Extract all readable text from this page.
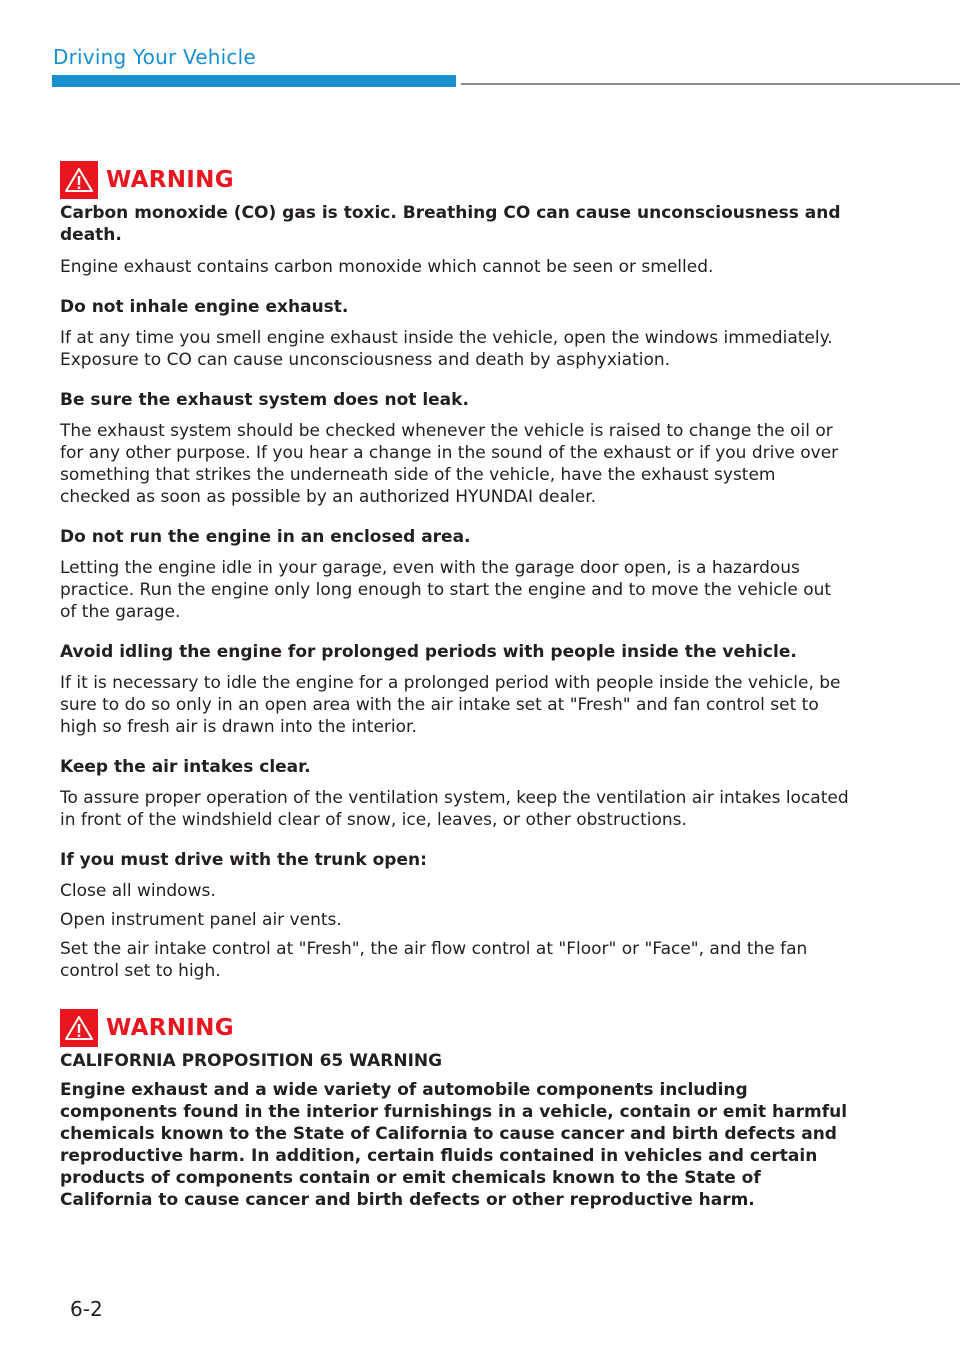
Driving Your Vehicle
WARNING

Carbon monoxide (CO) gas is toxic. Breathing CO can cause unconsciousness and death.

Engine exhaust contains carbon monoxide which cannot be seen or smelled.

Do not inhale engine exhaust.

If at any time you smell engine exhaust inside the vehicle, open the windows immediately. Exposure to CO can cause unconsciousness and death by asphyxiation.

Be sure the exhaust system does not leak.

The exhaust system should be checked whenever the vehicle is raised to change the oil or for any other purpose. If you hear a change in the sound of the exhaust or if you drive over something that strikes the underneath side of the vehicle, have the exhaust system checked as soon as possible by an authorized HYUNDAI dealer.

Do not run the engine in an enclosed area.

Letting the engine idle in your garage, even with the garage door open, is a hazardous practice. Run the engine only long enough to start the engine and to move the vehicle out of the garage.

Avoid idling the engine for prolonged periods with people inside the vehicle.

If it is necessary to idle the engine for a prolonged period with people inside the vehicle, be sure to do so only in an open area with the air intake set at "Fresh" and fan control set to high so fresh air is drawn into the interior.

Keep the air intakes clear.

To assure proper operation of the ventilation system, keep the ventilation air intakes located in front of the windshield clear of snow, ice, leaves, or other obstructions.

If you must drive with the trunk open:

Close all windows.

Open instrument panel air vents.

Set the air intake control at "Fresh", the air flow control at "Floor" or "Face", and the fan control set to high.

WARNING

CALIFORNIA PROPOSITION 65 WARNING

Engine exhaust and a wide variety of automobile components including components found in the interior furnishings in a vehicle, contain or emit harmful chemicals known to the State of California to cause cancer and birth defects and reproductive harm. In addition, certain fluids contained in vehicles and certain products of components contain or emit chemicals known to the State of California to cause cancer and birth defects or other reproductive harm.

6-2
